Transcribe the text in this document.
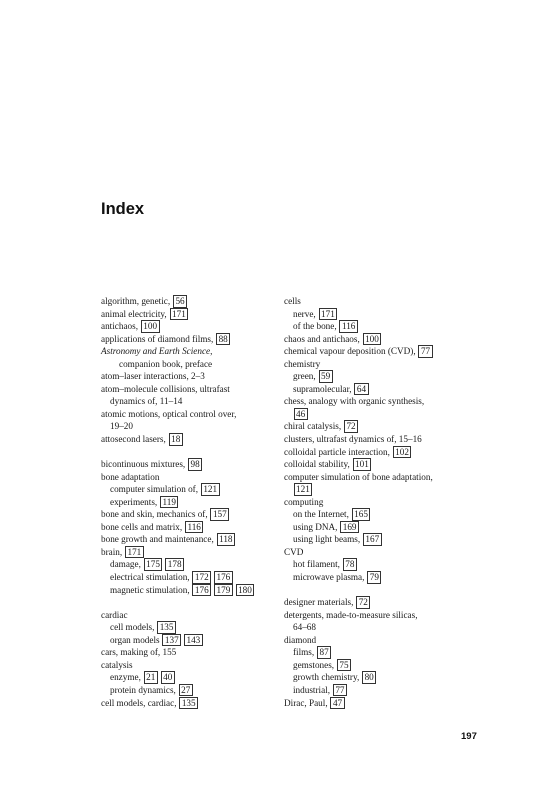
Index
algorithm, genetic, 56
animal electricity, 171
antichaos, 100
applications of diamond films, 88
Astronomy and Earth Science,
companion book, preface
atom–laser interactions, 2–3
atom–molecule collisions, ultrafast
dynamics of, 11–14
atomic motions, optical control over,
19–20
attosecond lasers, 18
bicontinuous mixtures, 98
bone adaptation
computer simulation of, 121
experiments, 119
bone and skin, mechanics of, 157
bone cells and matrix, 116
bone growth and maintenance, 118
brain, 171
damage, 175 178
electrical stimulation, 172 176
magnetic stimulation, 176 179 180
cardiac
cell models, 135
organ models 137 143
cars, making of, 155
catalysis
enzyme, 21 40
protein dynamics, 27
cell models, cardiac, 135
cells
nerve, 171
of the bone, 116
chaos and antichaos, 100
chemical vapour deposition (CVD), 77
chemistry
green, 59
supramolecular, 64
chess, analogy with organic synthesis,
46
chiral catalysis, 72
clusters, ultrafast dynamics of, 15–16
colloidal particle interaction, 102
colloidal stability, 101
computer simulation of bone adaptation,
121
computing
on the Internet, 165
using DNA, 169
using light beams, 167
CVD
hot filament, 78
microwave plasma, 79
designer materials, 72
detergents, made-to-measure silicas,
64–68
diamond
films, 87
gemstones, 75
growth chemistry, 80
industrial, 77
Dirac, Paul, 47
197
